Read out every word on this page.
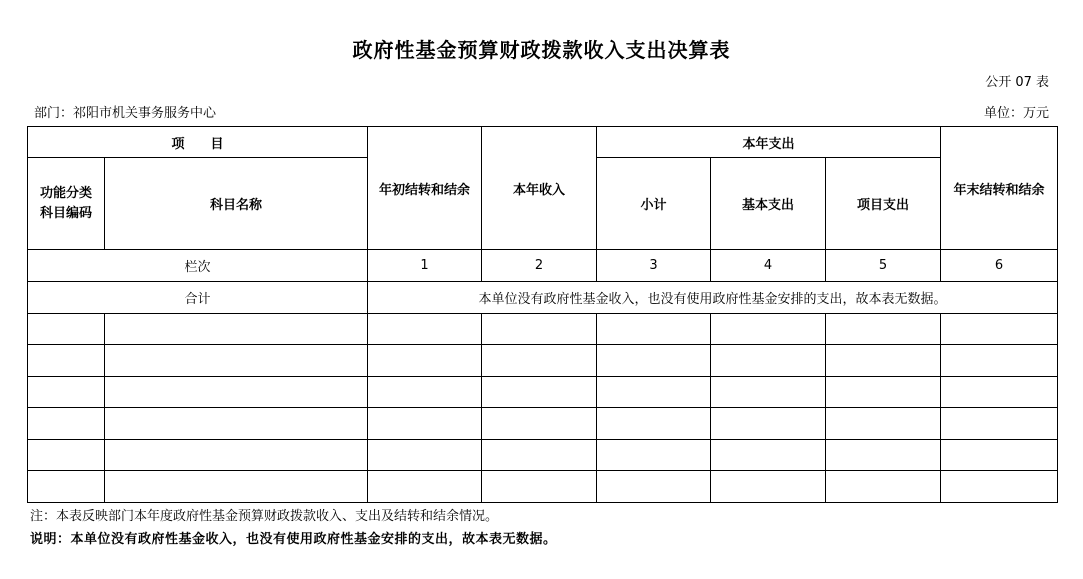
政府性基金预算财政拨款收入支出决算表
公开 07 表
部门：祁阳市机关事务服务中心	单位：万元
项　　目		年初结转和结余	本年收入	本年支出			年末结转和结余

功能分类科目编码	科目名称			小计	基本支出	项目支出	
栏次		1	2	3	4	5	6
合计		本单位没有政府性基金收入，也没有使用政府性基金安排的支出，故本表无数据。					

注：本表反映部门本年度政府性基金预算财政拨款收入、支出及结转和结余情况。
说明：本单位没有政府性基金收入，也没有使用政府性基金安排的支出，故本表无数据。
